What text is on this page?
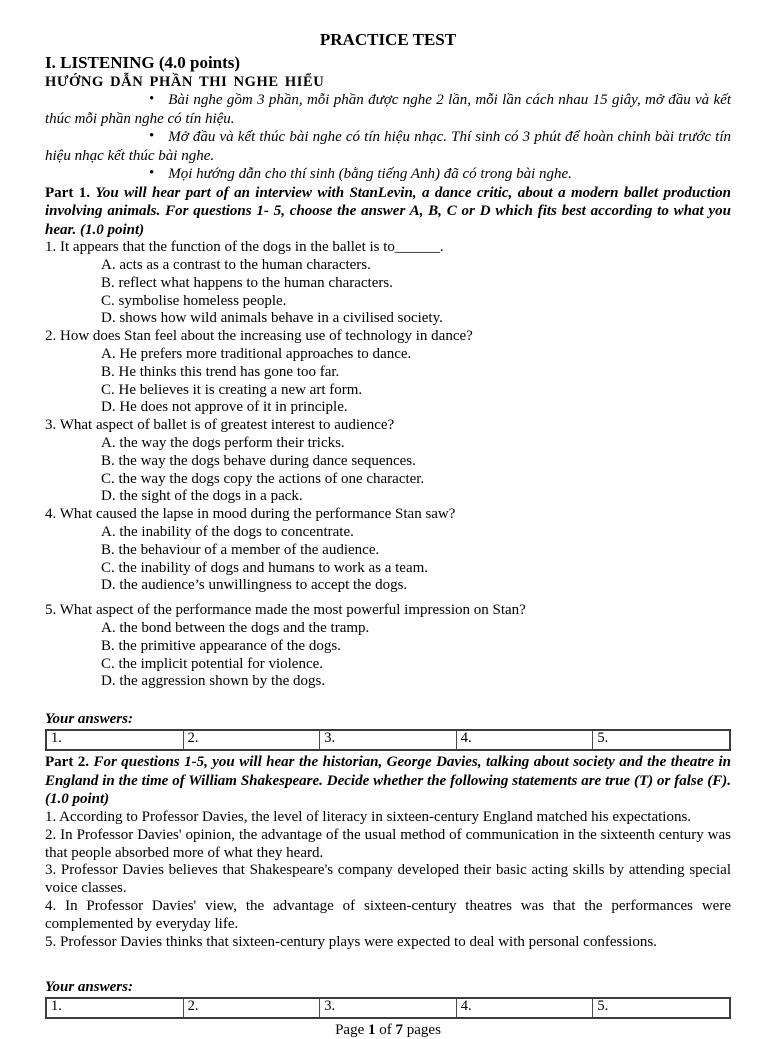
PRACTICE TEST
I. LISTENING (4.0 points)
HƯỚNG DẪN PHẦN THI NGHE HIỂU

• Bài nghe gồm 3 phần, mỗi phần được nghe 2 lần, mỗi lần cách nhau 15 giây, mở đầu và kết thúc mỗi phần nghe có tín hiệu.

• Mở đầu và kết thúc bài nghe có tín hiệu nhạc. Thí sinh có 3 phút để hoàn chỉnh bài trước tín hiệu nhạc kết thúc bài nghe.

• Mọi hướng dẫn cho thí sinh (bằng tiếng Anh) đã có trong bài nghe.

Part 1. You will hear part of an interview with StanLevin, a dance critic, about a modern ballet production involving animals. For questions 1- 5, choose the answer A, B, C or D which fits best according to what you hear. (1.0 point)

1. It appears that the function of the dogs in the ballet is to______.
A. acts as a contrast to the human characters.
B. reflect what happens to the human characters.
C. symbolise homeless people.
D. shows how wild animals behave in a civilised society.
2. How does Stan feel about the increasing use of technology in dance?
A. He prefers more traditional approaches to dance.
B. He thinks this trend has gone too far.
C. He believes it is creating a new art form.
D. He does not approve of it in principle.
3. What aspect of ballet is of greatest interest to audience?
A. the way the dogs perform their tricks.
B. the way the dogs behave during dance sequences.
C. the way the dogs copy the actions of one character.
D. the sight of the dogs in a pack.
4. What caused the lapse in mood during the performance Stan saw?
A. the inability of the dogs to concentrate.
B. the behaviour of a member of the audience.
C. the inability of dogs and humans to work as a team.
D. the audience’s unwillingness to accept the dogs.
5. What aspect of the performance made the most powerful impression on Stan?
A. the bond between the dogs and the tramp.
B. the primitive appearance of the dogs.
C. the implicit potential for violence.
D. the aggression shown by the dogs.

Your answers:

1.	2.	3.	4.	5.

Part 2. For questions 1-5, you will hear the historian, George Davies, talking about society and the theatre in England in the time of William Shakespeare. Decide whether the following statements are true (T) or false (F). (1.0 point)

1. According to Professor Davies, the level of literacy in sixteen-century England matched his expectations.

2. In Professor Davies' opinion, the advantage of the usual method of communication in the sixteenth century was that people absorbed more of what they heard.

3. Professor Davies believes that Shakespeare's company developed their basic acting skills by attending special voice classes.

4. In Professor Davies' view, the advantage of sixteen-century theatres was that the performances were complemented by everyday life.

5. Professor Davies thinks that sixteen-century plays were expected to deal with personal confessions.

Your answers:

1.	2.	3.	4.	5.
Page 1 of 7 pages
